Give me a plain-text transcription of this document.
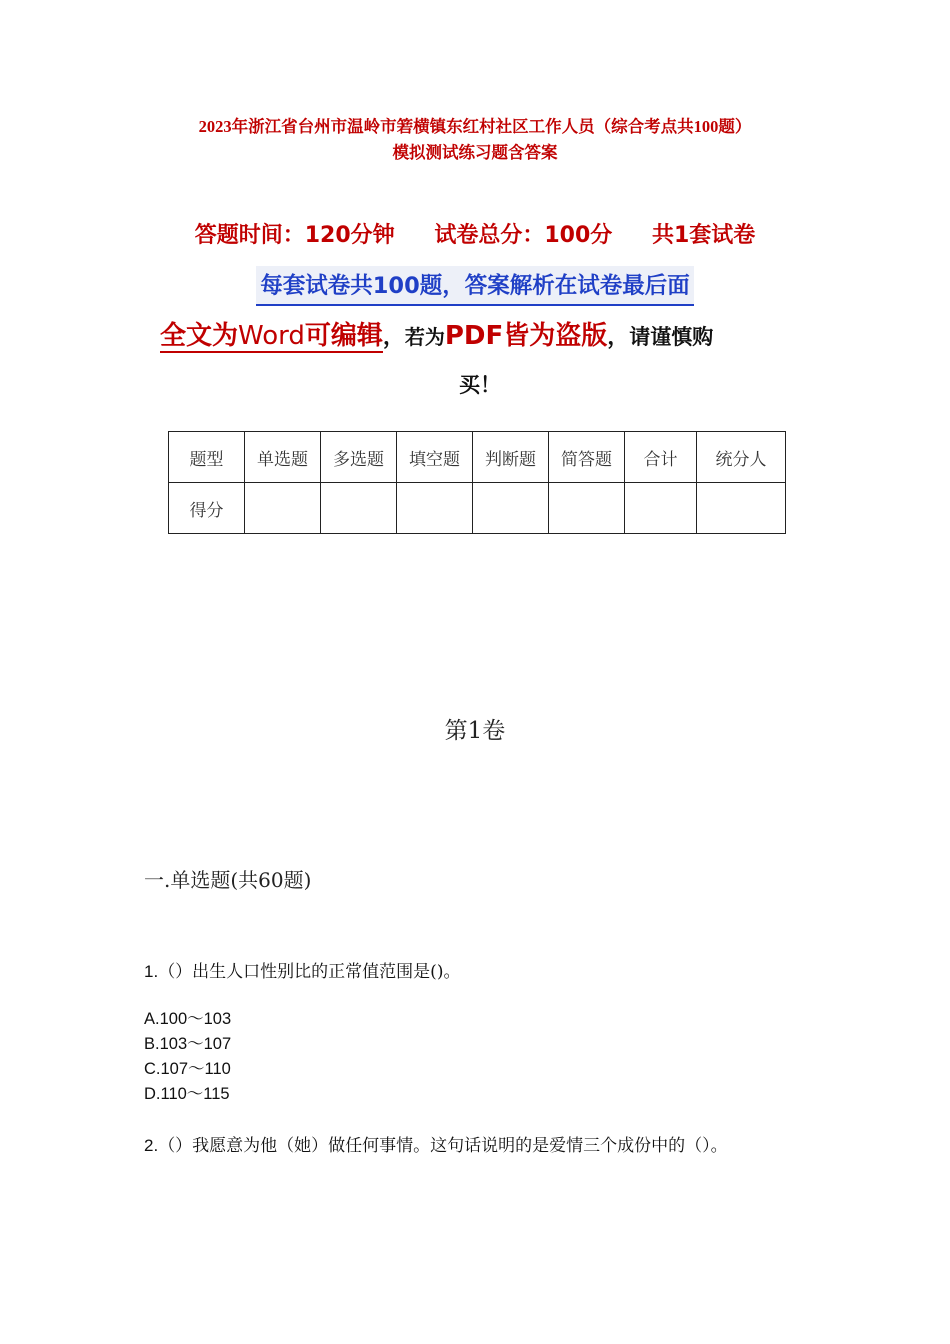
2023年浙江省台州市温岭市箬横镇东红村社区工作人员（综合考点共100题）
模拟测试练习题含答案
答题时间：120分钟 试卷总分：100分 共1套试卷
每套试卷共100题，答案解析在试卷最后面
全文为Word可编辑，若为PDF皆为盗版，请谨慎购
买！
题型	单选题	多选题	填空题	判断题	简答题	合计	统分人
得分							
第1卷
一.单选题(共60题)
1.（）出生人口性别比的正常值范围是()。
A.100～103
B.103～107
C.107～110
D.110～115
2.（）我愿意为他（她）做任何事情。这句话说明的是爱情三个成份中的（）。
